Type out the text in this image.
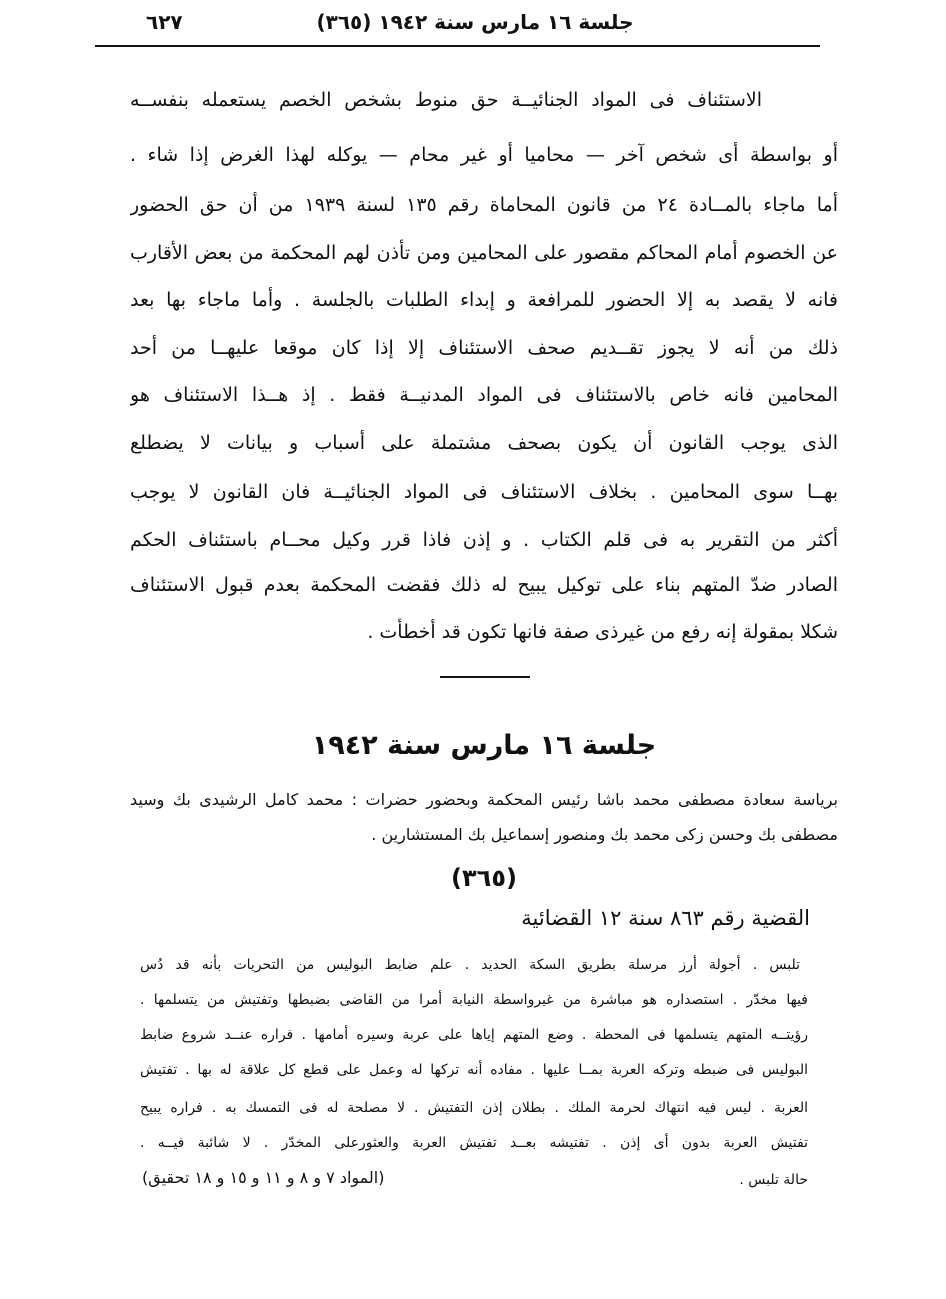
جلسة ١٦ مارس سنة ١٩٤٢ (٣٦٥)
٦٢٧
الاستئناف فى المواد الجنائيــة حق منوط بشخص الخصم يستعمله بنفســه
أو بواسطة أى شخص آخر — محاميا أو غير محام — يوكله لهذا الغرض إذا شاء .
أما ماجاء بالمــادة ٢٤ من قانون المحاماة رقم ١٣٥ لسنة ١٩٣٩ من أن حق الحضور
عن الخصوم أمام المحاكم مقصور على المحامين ومن تأذن لهم المحكمة من بعض الأقارب
فانه لا يقصد به إلا الحضور للمرافعة و إبداء الطلبات بالجلسة . وأما ماجاء بها بعد
ذلك من أنه لا يجوز تقــديم صحف الاستئناف إلا إذا كان موقعا عليهــا من أحد
المحامين فانه خاص بالاستئناف فى المواد المدنيــة فقط . إذ هــذا الاستئناف هو
الذى يوجب القانون أن يكون بصحف مشتملة على أسباب و بيانات لا يضطلع
بهــا سوى المحامين . بخلاف الاستئناف فى المواد الجنائيــة فان القانون لا يوجب
أكثر من التقرير به فى قلم الكتاب . و إذن فاذا قرر وكيل محــام باستئناف الحكم
الصادر ضدّ المتهم بناء على توكيل يبيح له ذلك فقضت المحكمة بعدم قبول الاستئناف
شكلا بمقولة إنه رفع من غيرذى صفة فانها تكون قد أخطأت .
جلسة ١٦ مارس سنة ١٩٤٢
برياسة سعادة مصطفى محمد باشا رئيس المحكمة وبحضور حضرات : محمد كامل الرشيدى بك وسيد
مصطفى بك وحسن زكى محمد بك ومنصور إسماعيل بك المستشارين .
(٣٦٥)
القضية رقم ٨٦٣ سنة ١٢ القضائية
تلبس . أجولة أرز مرسلة بطريق السكة الحديد . علم ضابط البوليس من التحريات بأنه قد دُس
فيها مخدّر . استصداره هو مباشرة من غيرواسطة النيابة أمرا من القاضى بضبطها وتفتيش من يتسلمها .
رؤيتــه المتهم يتسلمها فى المحطة . وضع المتهم إياها على عربة وسيره أمامها . فراره عنــد شروع ضابط
البوليس فى ضبطه وتركه العربة بمــا عليها . مفاده أنه تركها له وعمل على قطع كل علاقة له بها . تفتيش
العربة . ليس فيه انتهاك لحرمة الملك . بطلان إذن التفتيش . لا مصلحة له فى التمسك به . فراره يبيح
تفتيش العربة بدون أى إذن . تفتيشه بعــد تفتيش العربة والعثورعلى المخدّر . لا شائبة فيــه .
حالة تلبس .
(المواد ٧ و ٨ و ١١ و ١٥ و ١٨ تحقيق)
